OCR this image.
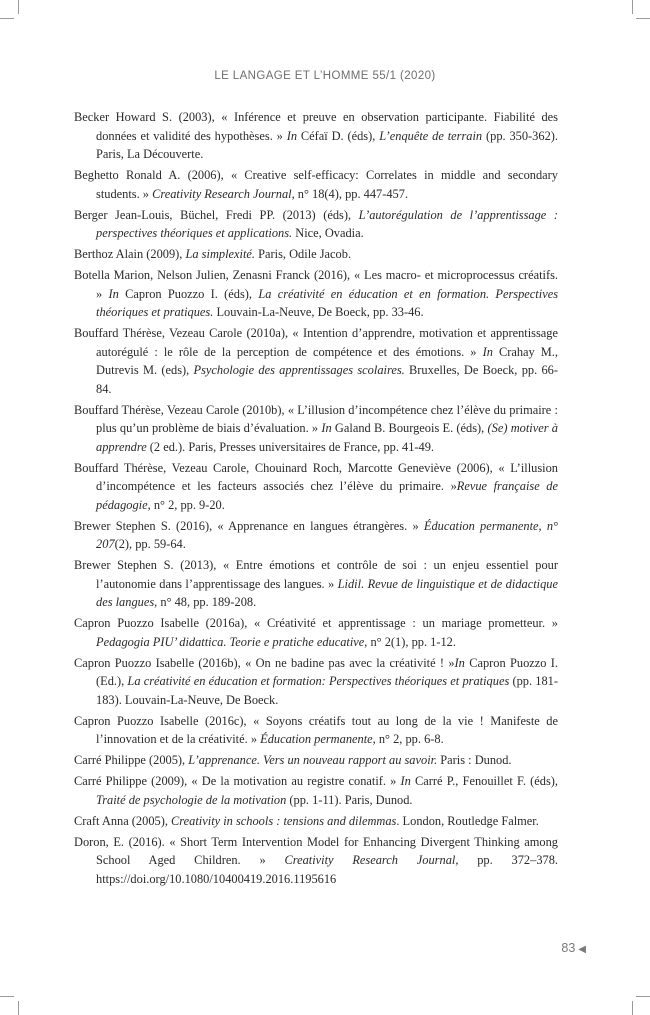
LE LANGAGE ET L’HOMME 55/1 (2020)

Becker Howard S. (2003), « Inférence et preuve en observation participante. Fiabilité des données et validité des hypothèses. » In Céfaï D. (éds), L’enquête de terrain (pp. 350-362). Paris, La Découverte.

Beghetto Ronald A. (2006), « Creative self-efficacy: Correlates in middle and secondary students. » Creativity Research Journal, n° 18(4), pp. 447-457.

Berger Jean-Louis, Büchel, Fredi PP. (2013) (éds), L’autorégulation de l’apprentissage : perspectives théoriques et applications. Nice, Ovadia.

Berthoz Alain (2009), La simplexité. Paris, Odile Jacob.

Botella Marion, Nelson Julien, Zenasni Franck (2016), « Les macro- et microprocessus créatifs. » In Capron Puozzo I. (éds), La créativité en éducation et en formation. Perspectives théoriques et pratiques. Louvain-La-Neuve, De Boeck, pp. 33-46.

Bouffard Thérèse, Vezeau Carole (2010a), « Intention d’apprendre, motivation et apprentissage autorégulé : le rôle de la perception de compétence et des émotions. » In Crahay M., Dutrevis M. (eds), Psychologie des apprentissages scolaires. Bruxelles, De Boeck, pp. 66-84.

Bouffard Thérèse, Vezeau Carole (2010b), « L’illusion d’incompétence chez l’élève du primaire : plus qu’un problème de biais d’évaluation. » In Galand B. Bourgeois E. (éds), (Se) motiver à apprendre (2 ed.). Paris, Presses universitaires de France, pp. 41-49.

Bouffard Thérèse, Vezeau Carole, Chouinard Roch, Marcotte Geneviève (2006), « L’illusion d’incompétence et les facteurs associés chez l’élève du primaire. »Revue française de pédagogie, n° 2, pp. 9-20.

Brewer Stephen S. (2016), « Apprenance en langues étrangères. » Éducation permanente, n° 207(2), pp. 59-64.

Brewer Stephen S. (2013), « Entre émotions et contrôle de soi : un enjeu essentiel pour l’autonomie dans l’apprentissage des langues. » Lidil. Revue de linguistique et de didactique des langues, n° 48, pp. 189-208.

Capron Puozzo Isabelle (2016a), « Créativité et apprentissage : un mariage prometteur. » Pedagogia PIU’ didattica. Teorie e pratiche educative, n° 2(1), pp. 1-12.

Capron Puozzo Isabelle (2016b), « On ne badine pas avec la créativité ! »In Capron Puozzo I. (Ed.), La créativité en éducation et formation: Perspectives théoriques et pratiques (pp. 181-183). Louvain-La-Neuve, De Boeck.

Capron Puozzo Isabelle (2016c), « Soyons créatifs tout au long de la vie ! Manifeste de l’innovation et de la créativité. » Éducation permanente, n° 2, pp. 6-8.

Carré Philippe (2005), L’apprenance. Vers un nouveau rapport au savoir. Paris : Dunod.

Carré Philippe (2009), « De la motivation au registre conatif. » In Carré P., Fenouillet F. (éds), Traité de psychologie de la motivation (pp. 1-11). Paris, Dunod.

Craft Anna (2005), Creativity in schools : tensions and dilemmas. London, Routledge Falmer.

Doron, E. (2016). « Short Term Intervention Model for Enhancing Divergent Thinking among School Aged Children. » Creativity Research Journal, pp. 372–378. https://doi.org/10.1080/10400419.2016.1195616

83 ◀
